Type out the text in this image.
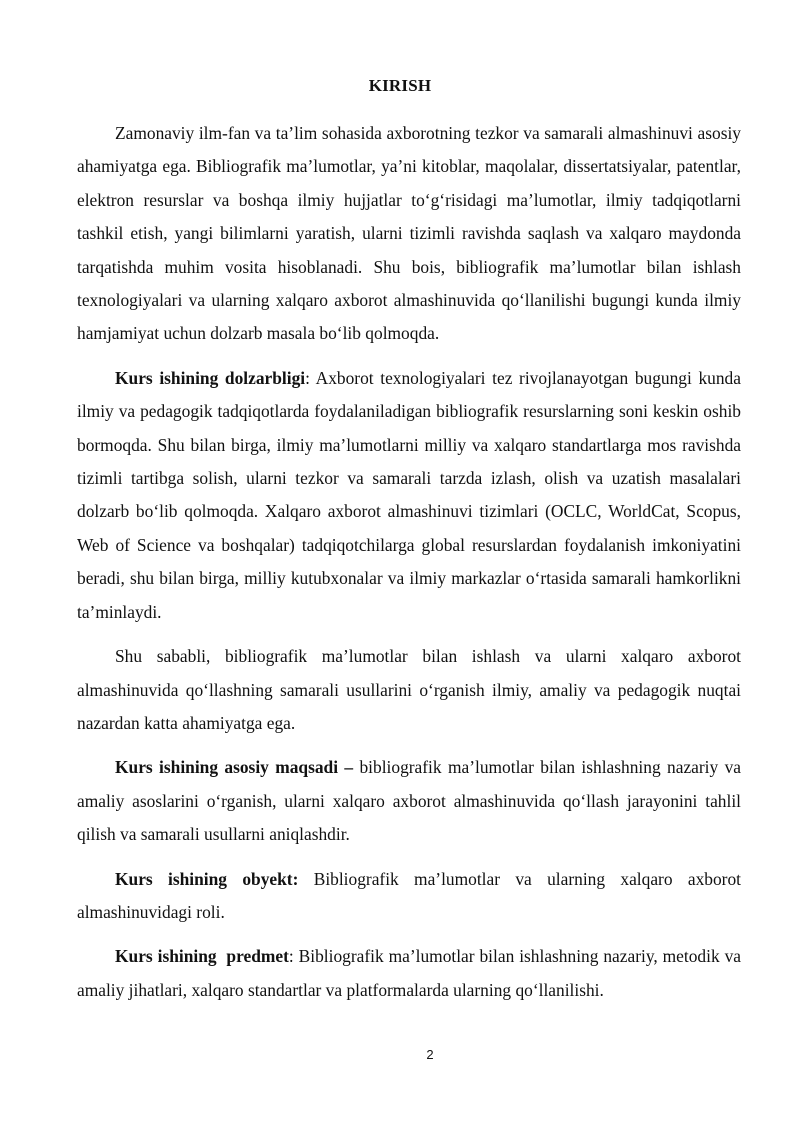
KIRISH

Zamonaviy ilm-fan va ta’lim sohasida axborotning tezkor va samarali almashinuvi asosiy ahamiyatga ega. Bibliografik ma’lumotlar, ya’ni kitoblar, maqolalar, dissertatsiyalar, patentlar, elektron resurslar va boshqa ilmiy hujjatlar to‘g‘risidagi ma’lumotlar, ilmiy tadqiqotlarni tashkil etish, yangi bilimlarni yaratish, ularni tizimli ravishda saqlash va xalqaro maydonda tarqatishda muhim vosita hisoblanadi. Shu bois, bibliografik ma’lumotlar bilan ishlash texnologiyalari va ularning xalqaro axborot almashinuvida qo‘llanilishi bugungi kunda ilmiy hamjamiyat uchun dolzarb masala bo‘lib qolmoqda.

Kurs ishining dolzarbligi: Axborot texnologiyalari tez rivojlanayotgan bugungi kunda ilmiy va pedagogik tadqiqotlarda foydalaniladigan bibliografik resurslarning soni keskin oshib bormoqda. Shu bilan birga, ilmiy ma’lumotlarni milliy va xalqaro standartlarga mos ravishda tizimli tartibga solish, ularni tezkor va samarali tarzda izlash, olish va uzatish masalalari dolzarb bo‘lib qolmoqda. Xalqaro axborot almashinuvi tizimlari (OCLC, WorldCat, Scopus, Web of Science va boshqalar) tadqiqotchilarga global resurslardan foydalanish imkoniyatini beradi, shu bilan birga, milliy kutubxonalar va ilmiy markazlar o‘rtasida samarali hamkorlikni ta’minlaydi.

Shu sababli, bibliografik ma’lumotlar bilan ishlash va ularni xalqaro axborot almashinuvida qo‘llashning samarali usullarini o‘rganish ilmiy, amaliy va pedagogik nuqtai nazardan katta ahamiyatga ega.

Kurs ishining asosiy maqsadi – bibliografik ma’lumotlar bilan ishlashning nazariy va amaliy asoslarini o‘rganish, ularni xalqaro axborot almashinuvida qo‘llash jarayonini tahlil qilish va samarali usullarni aniqlashdir.

Kurs ishining obyekt: Bibliografik ma’lumotlar va ularning xalqaro axborot almashinuvidagi roli.

Kurs ishining  predmet: Bibliografik ma’lumotlar bilan ishlashning nazariy, metodik va amaliy jihatlari, xalqaro standartlar va platformalarda ularning qo‘llanilishi.

2
